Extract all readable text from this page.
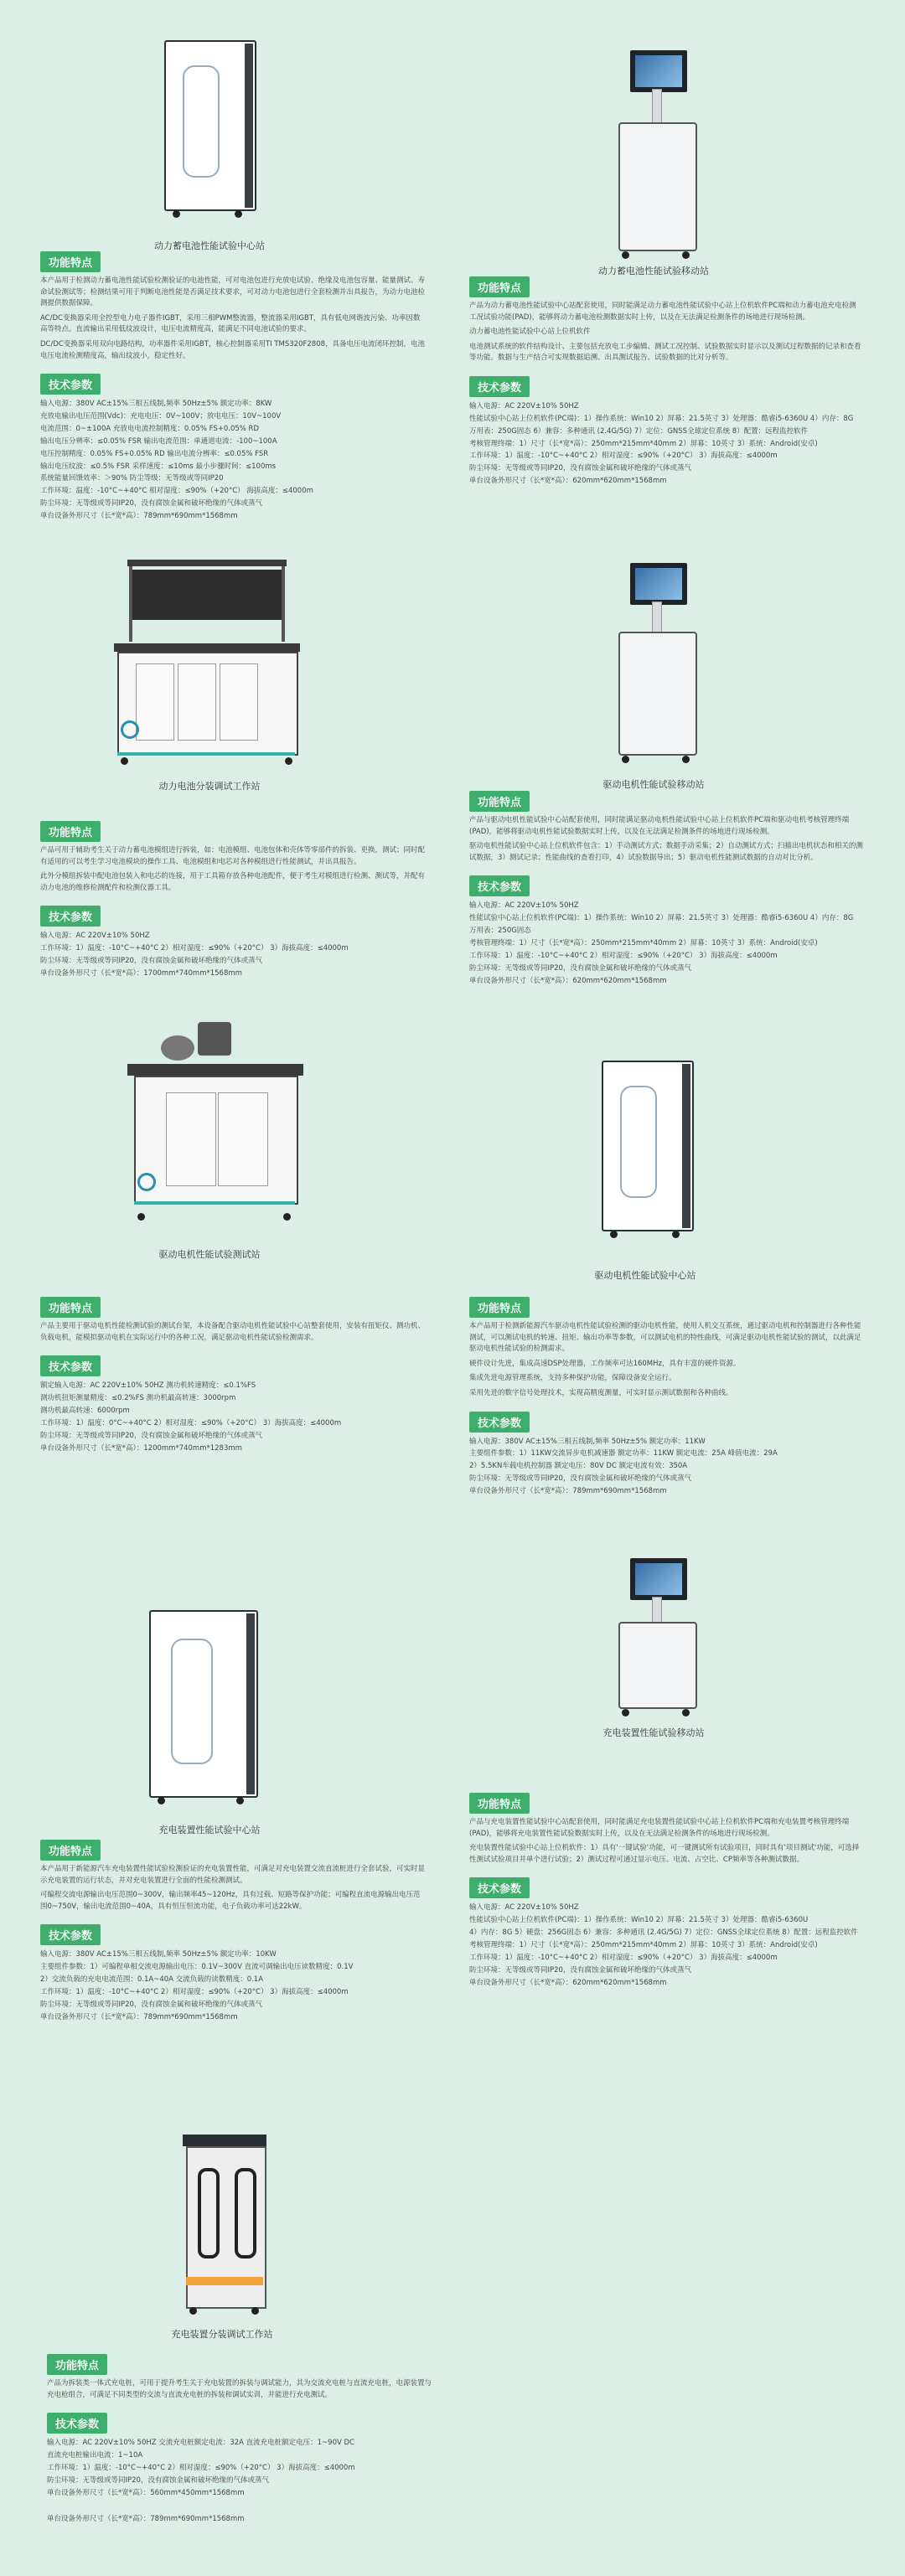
动力蓄电池性能试验中心站
功能特点

本产品用于检测动力蓄电池性能试验检测验证的电池性能，可对电池包进行充放电试验、绝缘及电池包容量、能量测试、寿命试验测试等；检测结果可用于判断电池性能是否满足技术要求，可对动力电池包进行全套检测并出具报告，为动力电池检测提供数据保障。

AC/DC变换器采用全控型电力电子器件IGBT，采用三相PWM整流器，整流器采用IGBT，具有低电网谐波污染、功率因数高等特点。直流输出采用低纹波设计，电压电流精度高，能满足不同电池试验的要求。

DC/DC变换器采用双向电路结构，功率器件采用IGBT，核心控制器采用TI TMS320F2808，具备电压电流闭环控制，电池电压电流检测精度高，输出纹波小，稳定性好。

技术参数
输入电源：380V AC±15%三相五线制,频率 50Hz±5% 额定功率：8KW
充放电输出电压范围(Vdc)：充电电压：0V~100V；放电电压：10V~100V
电流范围：0~±100A 充放电电流控制精度：0.05% FS+0.05% RD
输出电压分辨率：≤0.05% FSR 输出电流范围：单通道电流：-100~100A
电压控制精度：0.05% FS+0.05% RD 输出电流分辨率：≤0.05% FSR
输出电压纹波：≤0.5% FSR 采样速度：≤10ms 最小步骤时间：≤100ms
系统能量回馈效率：＞90% 防尘等级：无等级或等同IP20
工作环境：温度：-10°C~+40°C 相对湿度：≤90%（+20°C） 海拔高度：≤4000m
防尘环境：无等级或等同IP20，没有腐蚀金属和破坏绝缘的气体或蒸气
单台设备外形尺寸（长*宽*高）：789mm*690mm*1568mm
动力蓄电池性能试验移动站
功能特点

产品为动力蓄电池性能试验中心站配套使用，同时能满足动力蓄电池性能试验中心站上位机软件PC端和动力蓄电池充电检测工况试验功能(PAD)，能够将动力蓄电池检测数据实时上传，以及在无法满足检测条件的场地进行现场检测。

动力蓄电池性能试验中心站上位机软件

电池测试系统的软件结构设计、主要包括充放电工步编辑、测试工况控制、试验数据实时显示以及测试过程数据的记录和查看等功能。数据与生产结合可实现数据追溯、出具测试报告、试验数据的比对分析等。

技术参数
输入电源：AC 220V±10% 50HZ
性能试验中心站上位机软件(PC端)：1）操作系统：Win10 2）屏幕：21.5英寸 3）处理器：酷睿i5-6360U 4）内存：8G
万用表：250G固态 6）兼容：多种通讯 (2.4G/5G) 7）定位：GNSS全球定位系统 8）配置：远程监控软件
考核管理终端：1）尺寸（长*宽*高）：250mm*215mm*40mm 2）屏幕：10英寸 3）系统：Android(安卓)
工作环境：1）温度：-10°C~+40°C 2）相对湿度：≤90%（+20°C） 3）海拔高度：≤4000m
防尘环境：无等级或等同IP20，没有腐蚀金属和破坏绝缘的气体或蒸气
单台设备外形尺寸（长*宽*高）：620mm*620mm*1568mm
动力电池分装调试工作站
功能特点

产品可用于辅助考生关于动力蓄电池模组进行拆装，如：电池模组、电池包体和壳体等零部件的拆装、更换，测试；同时配有适用的可以考生学习电池模块的操作工具、电池模组和电芯对各种模组进行性能测试，并出具报告。

此外分模组拆装中配电池包装入和电芯的连接，用于工具箱存放各种电池配件，便于考生对模组进行检测、测试等，并配有动力电池的维修检测配件和检测仪器工具。

技术参数
输入电源：AC 220V±10% 50HZ
工作环境：1）温度：-10°C~+40°C 2）相对湿度：≤90%（+20°C） 3）海拔高度：≤4000m
防尘环境：无等级或等同IP20，没有腐蚀金属和破坏绝缘的气体或蒸气
单台设备外形尺寸（长*宽*高）：1700mm*740mm*1568mm
驱动电机性能试验移动站
功能特点

产品与驱动电机性能试验中心站配套使用，同时能满足驱动电机性能试验中心站上位机软件PC端和驱动电机考核管理终端(PAD)，能够将驱动电机性能试验数据实时上传，以及在无法满足检测条件的场地进行现场检测。

驱动电机性能试验中心站上位机软件包含：1）手动测试方式；数据手动采集；2）自动测试方式；扫描出电机状态和相关的测试数据，3）测试记录；性能曲线的查看打印，4）试验数据导出；5）驱动电机性能测试数据的自动对比分析。

技术参数
输入电源：AC 220V±10% 50HZ
性能试验中心站上位机软件(PC端)：1）操作系统：Win10 2）屏幕：21.5英寸 3）处理器：酷睿i5-6360U 4）内存：8G
万用表：250G固态
考核管理终端：1）尺寸（长*宽*高）：250mm*215mm*40mm 2）屏幕：10英寸 3）系统：Android(安卓)
工作环境：1）温度：-10°C~+40°C 2）相对湿度：≤90%（+20°C） 3）海拔高度：≤4000m
防尘环境：无等级或等同IP20，没有腐蚀金属和破坏绝缘的气体或蒸气
单台设备外形尺寸（长*宽*高）：620mm*620mm*1568mm
驱动电机性能试验测试站
功能特点

产品主要用于驱动电机性能检测试验的测试台架，本设备配合驱动电机性能试验中心站整套使用，安装有扭矩仪、测功机、负载电机，能模拟驱动电机在实际运行中的各种工况，满足驱动电机性能试验检测需求。

技术参数
额定输入电源：AC 220V±10% 50HZ 测功机转速精度：≤0.1%FS
测功机扭矩测量精度：≤0.2%FS 测功机最高转速：3000rpm
测功机最高转速：6000rpm
工作环境：1）温度：0°C~+40°C 2）相对湿度：≤90%（+20°C） 3）海拔高度：≤4000m
防尘环境：无等级或等同IP20，没有腐蚀金属和破坏绝缘的气体或蒸气
单台设备外形尺寸（长*宽*高）：1200mm*740mm*1283mm
驱动电机性能试验中心站
功能特点

本产品用于检测新能源汽车驱动电机性能试验检测的驱动电机性能，使用人机交互系统，通过驱动电机和控制器进行各种性能测试，可以测试电机的转速、扭矩、输出功率等参数，可以测试电机的特性曲线，可满足驱动电机性能试验的测试，以此满足驱动电机性能试验的检测需求。

硬件设计先进，集成高速DSP处理器，工作频率可达160MHz，具有丰富的硬件资源。

集成先进电源管理系统，支持多种保护功能，保障设备安全运行。

采用先进的数字信号处理技术，实现高精度测量，可实时显示测试数据和各种曲线。

技术参数
输入电源：380V AC±15%三相五线制,频率 50Hz±5% 额定功率：11KW
主要组件参数：1）11KW交流异步电机减速器 额定功率：11KW 额定电流：25A 峰值电流：29A
2）5.5KN车载电机控制器 额定电压：80V DC 额定电流有效：350A
防尘环境：无等级或等同IP20，没有腐蚀金属和破坏绝缘的气体或蒸气
单台设备外形尺寸（长*宽*高）：789mm*690mm*1568mm
充电装置性能试验中心站
功能特点

本产品用于新能源汽车充电装置性能试验检测验证的充电装置性能，可满足对充电装置交流直流桩进行全套试验，可实时显示充电装置的运行状态，并对充电装置进行全面的性能检测测试。

可编程交流电源输出电压范围0~300V，输出频率45~120Hz，具有过载、短路等保护功能；可编程直流电源输出电压范围0~750V，输出电流范围0~40A，具有恒压恒流功能，电子负载功率可达22kW。

技术参数
输入电源：380V AC±15%三相五线制,频率 50Hz±5% 额定功率：10KW
主要组件参数：1）可编程单相交流电源输出电压：0.1V~300V 直流可调输出电压读数精度：0.1V
2）交流负载的充电电流范围：0.1A~40A 交流负载的读数精度：0.1A
工作环境：1）温度：-10°C~+40°C 2）相对湿度：≤90%（+20°C） 3）海拔高度：≤4000m
防尘环境：无等级或等同IP20，没有腐蚀金属和破坏绝缘的气体或蒸气
单台设备外形尺寸（长*宽*高）：789mm*690mm*1568mm
充电装置性能试验移动站
功能特点

产品与充电装置性能试验中心站配套使用，同时能满足充电装置性能试验中心站上位机软件PC端和充电装置考核管理终端(PAD)，能够将充电装置性能试验数据实时上传，以及在无法满足检测条件的场地进行现场检测。

充电装置性能试验中心站上位机软件：1）具有'一键试验'功能，可一键测试所有试验项目，同时具有'项目测试'功能，可选择性测试试验项目并单个进行试验；2）测试过程可通过显示电压、电流、占空比、CP频率等各种测试数据。

技术参数
输入电源：AC 220V±10% 50HZ
性能试验中心站上位机软件(PC端)：1）操作系统：Win10 2）屏幕：21.5英寸 3）处理器：酷睿i5-6360U
4）内存：8G 5）硬盘：256G固态 6）兼容：多种通讯 (2.4G/5G) 7）定位：GNSS全球定位系统 8）配置：远程监控软件
考核管理终端：1）尺寸（长*宽*高）：250mm*215mm*40mm 2）屏幕：10英寸 3）系统：Android(安卓)
工作环境：1）温度：-10°C~+40°C 2）相对湿度：≤90%（+20°C） 3）海拔高度：≤4000m
防尘环境：无等级或等同IP20，没有腐蚀金属和破坏绝缘的气体或蒸气
单台设备外形尺寸（长*宽*高）：620mm*620mm*1568mm
充电装置分装调试工作站
功能特点

产品为拆装类一体式充电桩，可用于提升考生关于充电装置的拆装与调试能力，其为交流充电桩与直流充电桩，电源装置与充电枪组合，可满足不同类型的交流与直流充电桩的拆装和调试实训，并能进行充电测试。

技术参数
输入电源：AC 220V±10% 50HZ 交流充电桩额定电流：32A 直流充电桩额定电压：1~90V DC
直流充电桩输出电流：1~10A
工作环境：1）温度：-10°C~+40°C 2）相对湿度：≤90%（+20°C） 3）海拔高度：≤4000m
防尘环境：无等级或等同IP20，没有腐蚀金属和破坏绝缘的气体或蒸气
单台设备外形尺寸（长*宽*高）：560mm*450mm*1568mm
单台设备外形尺寸（长*宽*高）：789mm*690mm*1568mm
